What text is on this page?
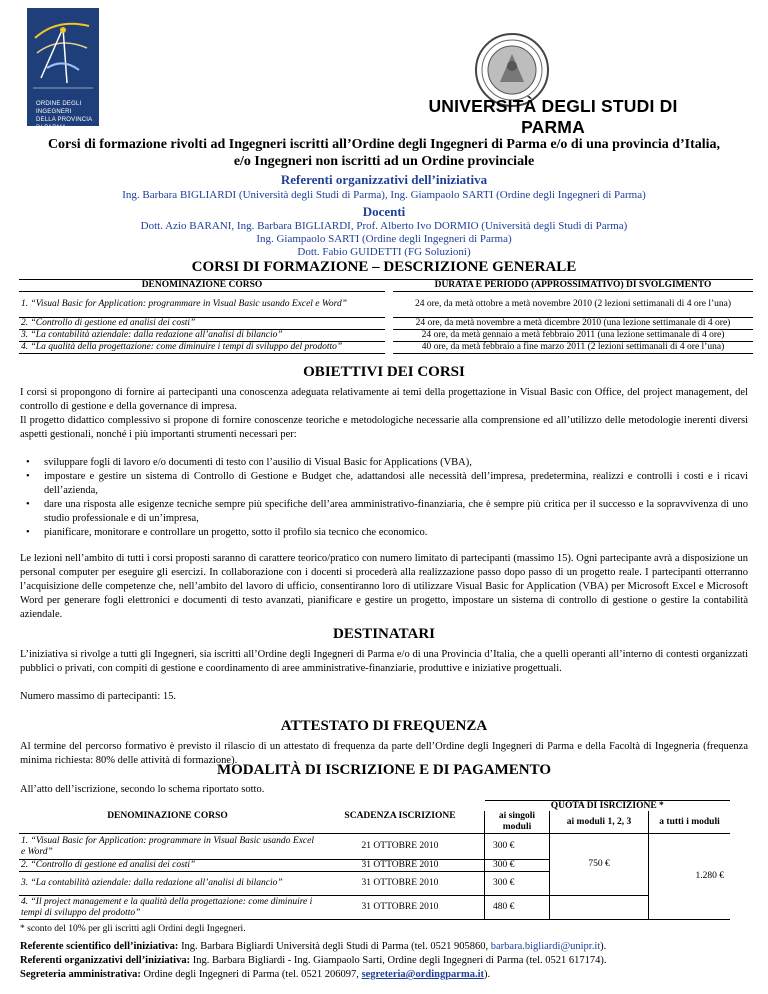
ORDINE DEGLI INGEGNERI
DELLA PROVINCIA DI PARMA
UNIVERSITÀ DEGLI STUDI DI PARMA
Corsi di formazione rivolti ad Ingegneri iscritti all’Ordine degli Ingegneri di Parma e/o di una provincia d’Italia,
e/o Ingegneri non iscritti ad un Ordine provinciale
Referenti organizzativi dell’iniziativa
Ing. Barbara BIGLIARDI (Università degli Studi di Parma), Ing. Giampaolo SARTI (Ordine degli Ingegneri di Parma)
Docenti
Dott. Azio BARANI, Ing. Barbara BIGLIARDI, Prof. Alberto Ivo DORMIO (Università degli Studi di Parma)
Ing. Giampaolo SARTI (Ordine degli Ingegneri di Parma)
Dott. Fabio GUIDETTI (FG Soluzioni)
CORSI DI FORMAZIONE – DESCRIZIONE GENERALE
DENOMINAZIONE CORSO		DURATA E PERIODO (APPROSSIMATIVO) DI SVOLGIMENTO
1. “Visual Basic for Application: programmare in Visual Basic usando Excel e Word”		24 ore, da metà ottobre a metà novembre 2010 (2 lezioni settimanali di 4 ore l’una)
2. “Controllo di gestione ed analisi dei costi”		24 ore, da metà novembre a metà dicembre 2010 (una lezione settimanale di 4 ore)
3. “La contabilità aziendale: dalla redazione all’analisi di bilancio”		24 ore, da metà gennaio a metà febbraio 2011 (una lezione settimanale di 4 ore)
4. “La qualità della progettazione: come diminuire i tempi di sviluppo del prodotto”		40 ore, da metà febbraio a fine marzo 2011 (2 lezioni settimanali di 4 ore l’una)
OBIETTIVI DEI CORSI
I corsi si propongono di fornire ai partecipanti una conoscenza adeguata relativamente ai temi della progettazione in Visual Basic con Office, del project management, del controllo di gestione e della governance di impresa.
Il progetto didattico complessivo si propone di fornire conoscenze teoriche e metodologiche necessarie alla comprensione ed all’utilizzo delle metodologie inerenti diversi aspetti gestionali, nonché i più importanti strumenti necessari per:
• sviluppare fogli di lavoro e/o documenti di testo con l’ausilio di Visual Basic for Applications (VBA),
• impostare e gestire un sistema di Controllo di Gestione e Budget che, adattandosi alle necessità dell’impresa, predetermina, realizzi e controlli i costi e i ricavi dell’azienda,
• dare una risposta alle esigenze tecniche sempre più specifiche dell’area amministrativo-finanziaria, che è sempre più critica per il successo e la sopravvivenza di uno studio professionale e di un’impresa,
• pianificare, monitorare e controllare un progetto, sotto il profilo sia tecnico che economico.
Le lezioni nell’ambito di tutti i corsi proposti saranno di carattere teorico/pratico con numero limitato di partecipanti (massimo 15). Ogni partecipante avrà a disposizione un personal computer per eseguire gli esercizi. In collaborazione con i docenti si procederà alla realizzazione passo dopo passo di un progetto reale. I partecipanti otterranno l’acquisizione delle competenze che, nell’ambito del lavoro di ufficio, consentiranno loro di utilizzare Visual Basic for Application (VBA) per Microsoft Excel e Microsoft Word per generare fogli elettronici e documenti di testo avanzati, pianificare e gestire un progetto, impostare un sistema di controllo di gestione o gestire la contabilità aziendale.
DESTINATARI
L’iniziativa si rivolge a tutti gli Ingegneri, sia iscritti all’Ordine degli Ingegneri di Parma e/o di una Provincia d’Italia, che a quelli operanti all’interno di contesti organizzati pubblici o privati, con compiti di gestione e coordinamento di aree amministrative-finanziarie, produttive e iniziative progettuali.
Numero massimo di partecipanti: 15.
ATTESTATO DI FREQUENZA
Al termine del percorso formativo è previsto il rilascio di un attestato di frequenza da parte dell’Ordine degli Ingegneri di Parma e della Facoltà di Ingegneria (frequenza minima richiesta: 80% delle attività di formazione).
MODALITÀ DI ISCRIZIONE E DI PAGAMENTO
All’atto dell’iscrizione, secondo lo schema riportato sotto.
DENOMINAZIONE CORSO	SCADENZA ISCRIZIONE	QUOTA DI ISRCIZIONE *		
		ai singoli moduli	ai moduli 1, 2, 3	a tutti i moduli
1. “Visual Basic for Application: programmare in Visual Basic usando Excel e Word”	21 OTTOBRE 2010	300 €	750 €	1.280 €
2. “Controllo di gestione ed analisi dei costi”	31 OTTOBRE 2010	300 €		
3. “La contabilità aziendale: dalla redazione all’analisi di bilancio”	31 OTTOBRE 2010	300 €		
4. “Il project management e la qualità della progettazione: come diminuire i tempi di sviluppo del prodotto”	31 OTTOBRE 2010	480 €		
* sconto del 10% per gli iscritti agli Ordini degli Ingegneri.
Referente scientifico dell’iniziativa: Ing. Barbara Bigliardi Università degli Studi di Parma (tel. 0521 905860, barbara.bigliardi@unipr.it).
Referenti organizzativi dell’iniziativa: Ing. Barbara Bigliardi - Ing. Giampaolo Sarti, Ordine degli Ingegneri di Parma (tel. 0521 617174).
Segreteria amministrativa: Ordine degli Ingegneri di Parma (tel. 0521 206097, segreteria@ordingparma.it).
